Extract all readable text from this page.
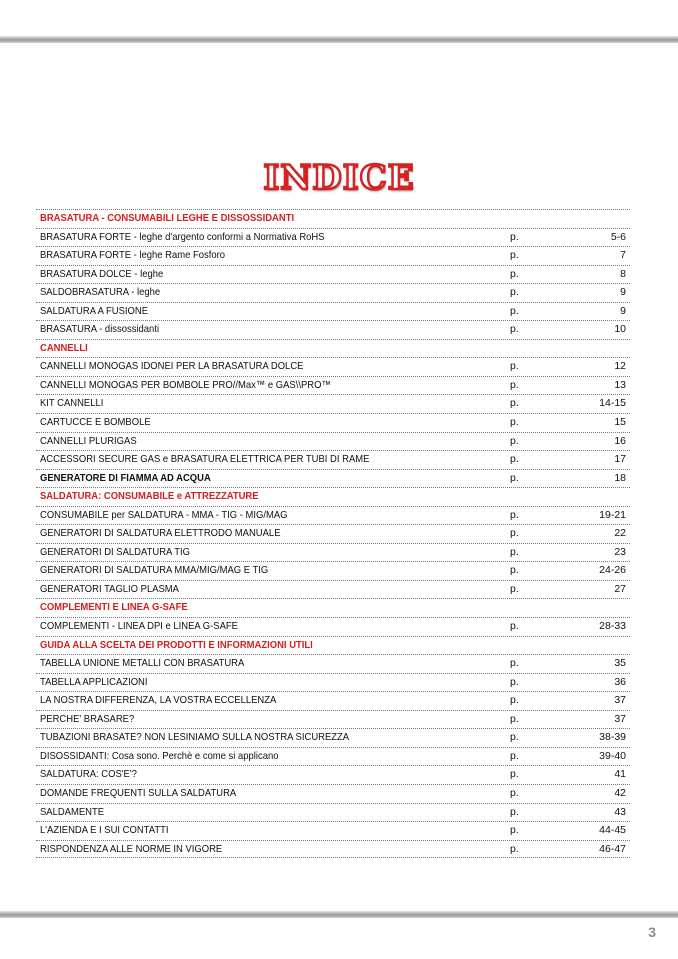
INDICE
BRASATURA - CONSUMABILI LEGHE E DISSOSSIDANTI
BRASATURA FORTE - leghe d'argento conformi a Normativa RoHS	p.	5-6
BRASATURA FORTE - leghe Rame Fosforo	p.	7
BRASATURA DOLCE - leghe	p.	8
SALDOBRASATURA - leghe	p.	9
SALDATURA A FUSIONE	p.	9
BRASATURA - dissossidanti	p.	10
CANNELLI
CANNELLI MONOGAS IDONEI PER LA BRASATURA DOLCE	p.	12
CANNELLI MONOGAS PER BOMBOLE PRO//Max™ e GAS\\PRO™	p.	13
KIT CANNELLI	p.	14-15
CARTUCCE E BOMBOLE	p.	15
CANNELLI PLURIGAS	p.	16
ACCESSORI SECURE GAS e BRASATURA ELETTRICA PER TUBI DI RAME	p.	17
GENERATORE DI FIAMMA AD ACQUA	p.	18
SALDATURA: CONSUMABILE e ATTREZZATURE
CONSUMABILE per SALDATURA - MMA - TIG - MIG/MAG	p.	19-21
GENERATORI DI SALDATURA ELETTRODO MANUALE	p.	22
GENERATORI DI SALDATURA TIG	p.	23
GENERATORI DI SALDATURA MMA/MIG/MAG E TIG	p.	24-26
GENERATORI TAGLIO PLASMA	p.	27
COMPLEMENTI E LINEA G-SAFE
COMPLEMENTI - LINEA DPI e LINEA G-SAFE	p.	28-33
GUIDA ALLA SCELTA DEI PRODOTTI E INFORMAZIONI UTILI
TABELLA UNIONE METALLI CON BRASATURA	p.	35
TABELLA APPLICAZIONI	p.	36
LA NOSTRA DIFFERENZA, LA VOSTRA ECCELLENZA	p.	37
PERCHE' BRASARE?	p.	37
TUBAZIONI BRASATE? NON LESINIAMO SULLA NOSTRA SICUREZZA	p.	38-39
DISOSSIDANTI: Cosa sono. Perchè e come si applicano	p.	39-40
SALDATURA: COS'E'?	p.	41
DOMANDE FREQUENTI SULLA SALDATURA	p.	42
SALDAMENTE	p.	43
L'AZIENDA E I SUI CONTATTI	p.	44-45
RISPONDENZA ALLE NORME IN VIGORE	p.	46-47
3
